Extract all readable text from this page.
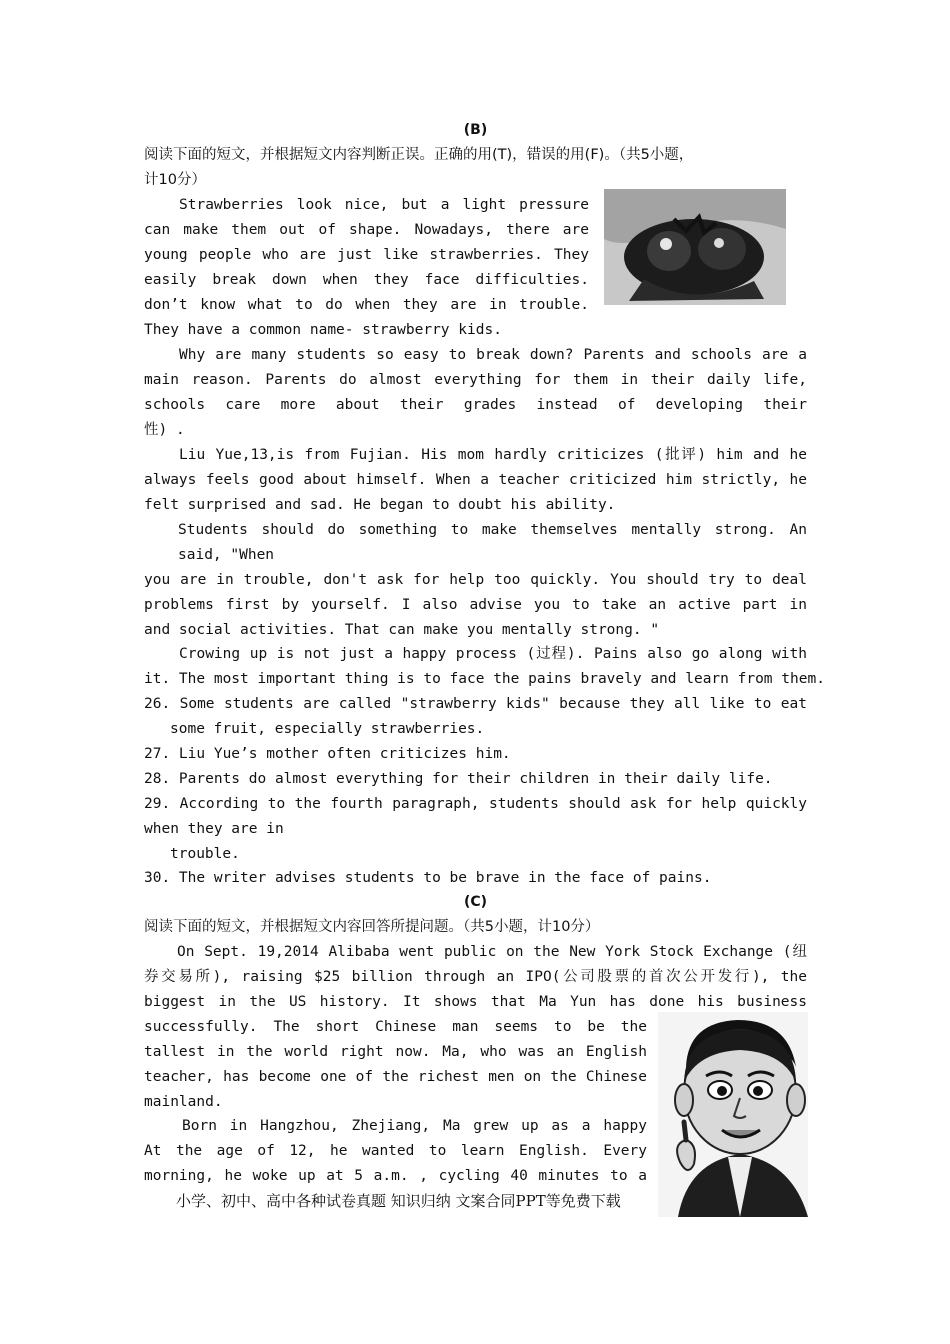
(B)
阅读下面的短文，并根据短文内容判断正误。正确的用(T)，错误的用(F)。（共5小题，
计10分）
Strawberries look nice, but a light pressure
can make them out of shape. Nowadays, there are
young people who are just like strawberries. They
easily break down when they face difficulties.
don’t know what to do when they are in trouble.
They have a common name- strawberry kids.
Why are many students so easy to break down? Parents and schools are a
main reason. Parents do almost everything for them in their daily life,
schools care more about their grades instead of developing their
性) .
Liu Yue,13,is from Fujian. His mom hardly criticizes (批评) him and he
always feels good about himself. When a teacher criticized him strictly, he
felt surprised and sad. He began to doubt his ability.
Students should do something to make themselves mentally strong. An
said, "When
you are in trouble, don't ask for help too quickly. You should try to deal
problems first by yourself. I also advise you to take an active part in
and social activities. That can make you mentally strong. "
Crowing up is not just a happy process (过程). Pains also go along with
it. The most important thing is to face the pains bravely and learn from them.
26. Some students are called "strawberry kids" because they all like to eat
some fruit, especially strawberries.
27. Liu Yue’s mother often criticizes him.
28. Parents do almost everything for their children in their daily life.
29. According to the fourth paragraph, students should ask for help quickly
when they are in
trouble.
30. The writer advises students to be brave in the face of pains.
(C)
阅读下面的短文，并根据短文内容回答所提问题。（共5小题，计10分）
On Sept. 19,2014 Alibaba went public on the New York Stock Exchange (纽
券交易所), raising $25 billion through an IPO(公司股票的首次公开发行), the
biggest in the US history. It shows that Ma Yun has done his business
successfully. The short Chinese man seems to be the
tallest in the world right now. Ma, who was an English
teacher, has become one of the richest men on the Chinese
mainland.
Born in Hangzhou, Zhejiang, Ma grew up as a happy
At the age of 12, he wanted to learn English. Every
morning, he woke up at 5 a.m. , cycling 40 minutes to a
小学、初中、高中各种试卷真题 知识归纳 文案合同PPT等免费下载
